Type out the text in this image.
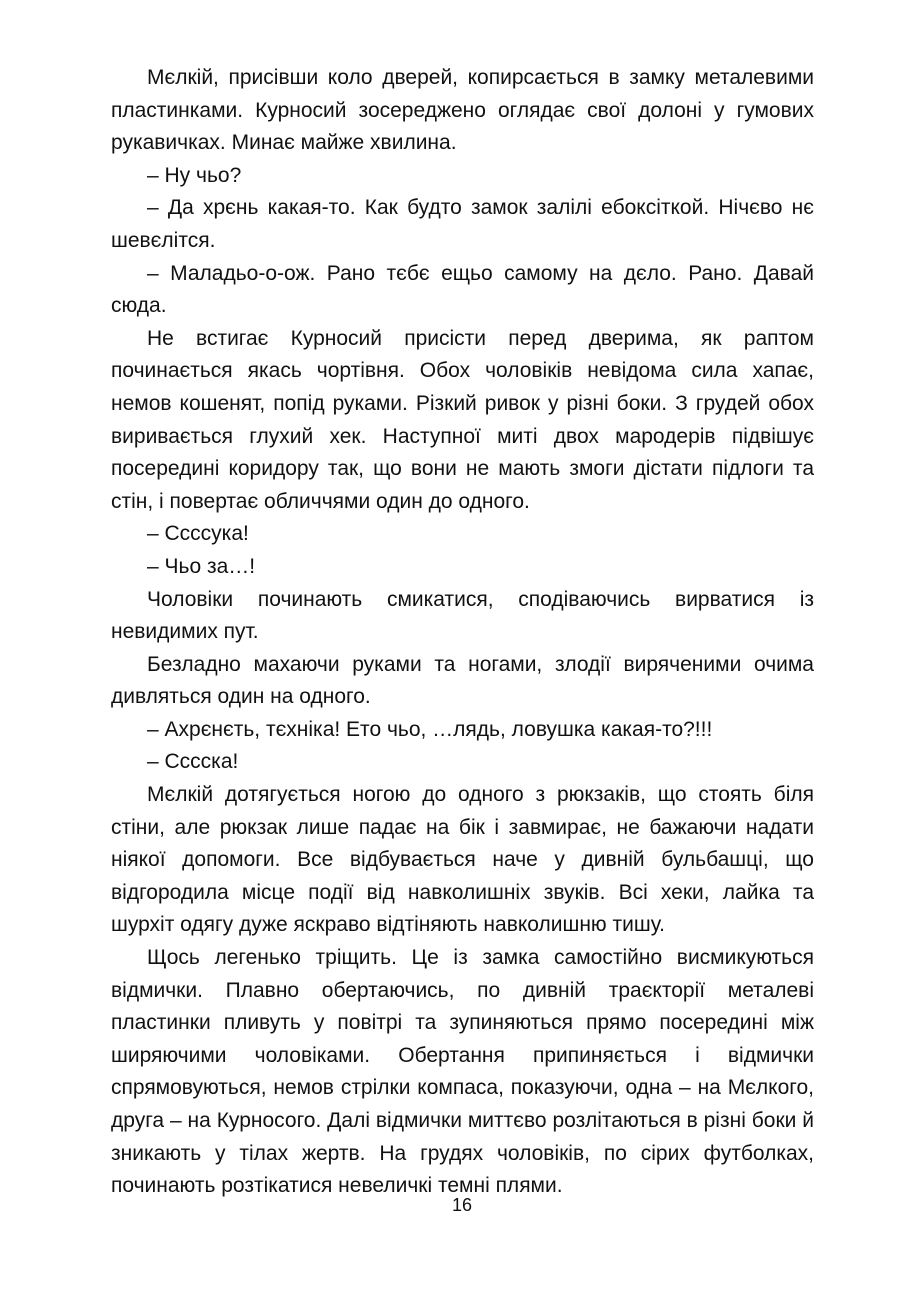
Мєлкій, присівши коло дверей, копирсається в замку металевими пластинками. Курносий зосереджено оглядає свої долоні у гумових рукавичках. Минає майже хвилина.

– Ну чьо?

– Да хрєнь какая-то. Как будто замок залілі ебоксіткой. Нічєво нє шевєлітся.

– Маладьо-о-ож. Рано тєбє ещьо самому на дєло. Рано. Давай сюда.

Не встигає Курносий присісти перед дверима, як раптом починається якась чортівня. Обох чоловіків невідома сила хапає, немов кошенят, попід руками. Різкий ривок у різні боки. З грудей обох виривається глухий хек. Наступної миті двох мародерів підвішує посередині коридору так, що вони не мають змоги дістати підлоги та стін, і повертає обличчями один до одного.

– Ссссука!

– Чьо за…!

Чоловіки починають смикатися, сподіваючись вирватися із невидимих пут.

Безладно махаючи руками та ногами, злодії виряченими очима дивляться один на одного.

– Ахрєнєть, тєхніка! Ето чьо, …лядь, ловушка какая-то?!!!

– Сссска!

Мєлкій дотягується ногою до одного з рюкзаків, що стоять біля стіни, але рюкзак лише падає на бік і завмирає, не бажаючи надати ніякої допомоги. Все відбувається наче у дивній бульбашці, що відгородила місце події від навколишніх звуків. Всі хеки, лайка та шурхіт одягу дуже яскраво відтіняють навколишню тишу.

Щось легенько тріщить. Це із замка самостійно висмикуються відмички. Плавно обертаючись, по дивній траєкторії металеві пластинки пливуть у повітрі та зупиняються прямо посередині між ширяючими чоловіками. Обертання припиняється і відмички спрямовуються, немов стрілки компаса, показуючи, одна – на Мєлкого, друга – на Курносого. Далі відмички миттєво розлітаються в різні боки й зникають у тілах жертв. На грудях чоловіків, по сірих футболках, починають розтікатися невеличкі темні плями.

16
